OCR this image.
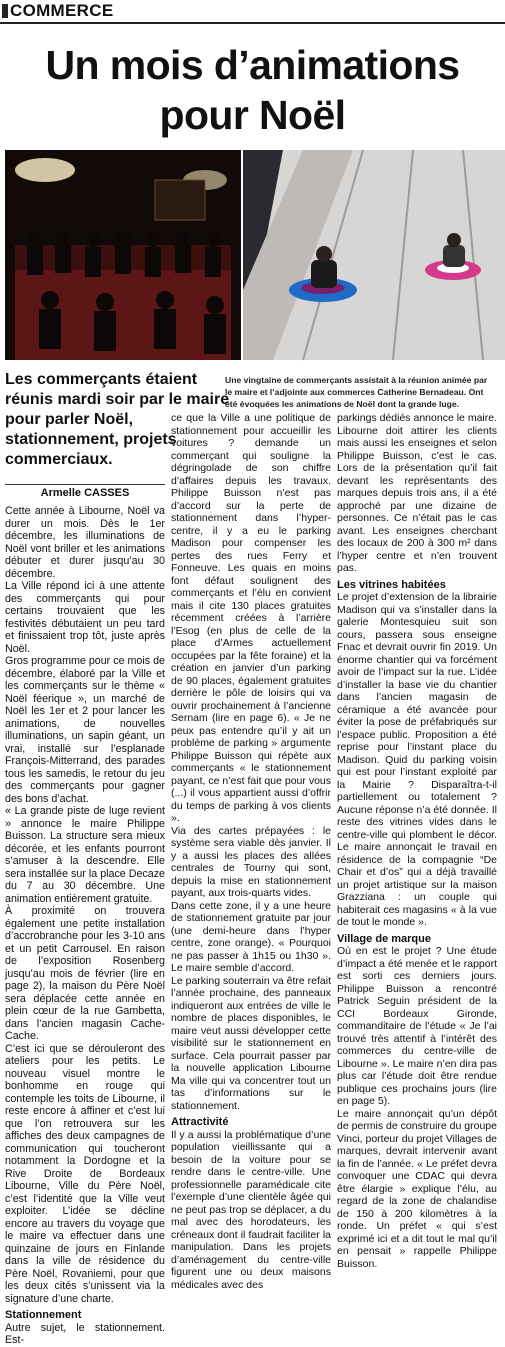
COMMERCE
Un mois d’animations
pour Noël
Les commerçants étaient réunis mardi soir par le maire pour parler Noël, stationnement, projets commerciaux.
Une vingtaine de commerçants assistait à la réunion animée par le maire et l’adjointe aux commerces Catherine Bernadeau. Ont été évoquées les animations de Noël dont la grande luge.
Armelle CASSES

Cette année à Libourne, Noël va durer un mois. Dès le 1er décembre, les illuminations de Noël vont briller et les animations débuter et durer jusqu’au 30 décembre.

La Ville répond ici à une attente des commerçants qui pour certains trouvaient que les festivités débutaient un peu tard et finissaient trop tôt, juste après Noël.

Gros programme pour ce mois de décembre, élaboré par la Ville et les commerçants sur le thème « Noël féerique », un marché de Noël les 1er et 2 pour lancer les animations, de nouvelles illuminations, un sapin géant, un vrai, installé sur l’esplanade François-Mitterrand, des parades tous les samedis, le retour du jeu des commerçants pour gagner des bons d’achat.

« La grande piste de luge revient » annonce le maire Philippe Buisson. La structure sera mieux décorée, et les enfants pourront s’amuser à la descendre. Elle sera installée sur la place Decaze du 7 au 30 décembre. Une animation entièrement gratuite.

À proximité on trouvera également une petite installation d’accrobranche pour les 3-10 ans et un petit Carrousel. En raison de l’exposition Rosenberg jusqu’au mois de février (lire en page 2), la maison du Père Noël sera déplacée cette année en plein cœur de la rue Gambetta, dans l’ancien magasin Cache-Cache.

C’est ici que se dérouleront des ateliers pour les petits. Le nouveau visuel montre le bonhomme en rouge qui contemple les toits de Libourne, il reste encore à affiner et c’est lui que l’on retrouvera sur les affiches des deux campagnes de communication qui toucheront notamment la Dordogne et la Rive Droite de Bordeaux Libourne, Ville du Père Noël, c’est l’identité que la Ville veut exploiter. L’idée se décline encore au travers du voyage que le maire va effectuer dans une quinzaine de jours en Finlande dans la ville de résidence du Père Noël, Rovaniemi, pour que les deux cités s’unissent via la signature d’une charte.

Stationnement

Autre sujet, le stationnement. Est-

ce que la Ville a une politique de stationnement pour accueillir les voitures ? demande un commerçant qui souligne la dégringolade de son chiffre d’affaires depuis les travaux. Philippe Buisson n’est pas d’accord sur la perte de stationnement dans l’hyper-centre, il y a eu le parking Madison pour compenser les pertes des rues Ferry et Fonneuve. Les quais en moins font défaut soulignent des commerçants et l’élu en convient mais il cite 130 places gratuites récemment créées à l’arrière l’Esog (en plus de celle de la place d’Armes actuellement occupées par la fête foraine) et la création en janvier d’un parking de 90 places, également gratuites derrière le pôle de loisirs qui va ouvrir prochainement à l’ancienne Sernam (lire en page 6). « Je ne peux pas entendre qu’il y ait un problème de parking » argumente Philippe Buisson qui répète aux commerçants « le stationnement payant, ce n’est fait que pour vous (...) il vous appartient aussi d’offrir du temps de parking à vos clients ».

Via des cartes prépayées : le système sera viable dès janvier. Il y a aussi les places des allées centrales de Tourny qui sont, depuis la mise en stationnement payant, aux trois-quarts vides.

Dans cette zone, il y a une heure de stationnement gratuite par jour (une demi-heure dans l’hyper centre, zone orange). « Pourquoi ne pas passer à 1h15 ou 1h30 ». Le maire semble d’accord.

Le parking souterrain va être refait l’année prochaine, des panneaux indiqueront aux entrées de ville le nombre de places disponibles, le maire veut aussi développer cette visibilité sur le stationnement en surface. Cela pourrait passer par la nouvelle application Libourne Ma ville qui va concentrer tout un tas d’informations sur le stationnement.

Attractivité

Il y a aussi la problématique d’une population vieillissante qui a besoin de la voiture pour se rendre dans le centre-ville. Une professionnelle paramédicale cite l’exemple d’une clientèle âgée qui ne peut pas trop se déplacer, a du mal avec des horodateurs, les créneaux dont il faudrait faciliter la manipulation. Dans les projets d’aménagement du centre-ville figurent une ou deux maisons médicales avec des

parkings dédiés annonce le maire. Libourne doit attirer les clients mais aussi les enseignes et selon Philippe Buisson, c’est le cas. Lors de la présentation qu’il fait devant les représentants des marques depuis trois ans, il a été approché par une dizaine de personnes. Ce n’était pas le cas avant. Les enseignes cherchant des locaux de 200 à 300 m² dans l’hyper centre et n’en trouvent pas.

Les vitrines habitées

Le projet d’extension de la librairie Madison qui va s’installer dans la galerie Montesquieu suit son cours, passera sous enseigne Fnac et devrait ouvrir fin 2019. Un énorme chantier qui va forcément avoir de l’impact sur la rue. L’idée d’installer la base vie du chantier dans l’ancien magasin de céramique a été avancée pour éviter la pose de préfabriqués sur l’espace public. Proposition a été reprise pour l’instant place du Madison. Quid du parking voisin qui est pour l’instant exploité par la Mairie ? Disparaîtra-t-il partiellement ou totalement ? Aucune réponse n’a été donnée. Il reste des vitrines vides dans le centre-ville qui plombent le décor. Le maire annonçait le travail en résidence de la compagnie “De Chair et d’os” qui a déjà travaillé un projet artistique sur la maison Grazziana : un couple qui habiterait ces magasins « à la vue de tout le monde ».

Village de marque

Où en est le projet ? Une étude d’impact a été menée et le rapport est sorti ces derniers jours. Philippe Buisson a rencontré Patrick Seguin président de la CCI Bordeaux Gironde, commanditaire de l’étude « Je l’ai trouvé très attentif à l’intérêt des commerces du centre-ville de Libourne ». Le maire n’en dira pas plus car l’étude doit être rendue publique ces prochains jours (lire en page 5).

Le maire annonçait qu’un dépôt de permis de construire du groupe Vinci, porteur du projet Villages de marques, devrait intervenir avant la fin de l’année. « Le préfet devra convoquer une CDAC qui devra être élargie » explique l’élu, au regard de la zone de chalandise de 150 à 200 kilomètres à la ronde. Un préfet « qui s’est exprimé ici et a dit tout le mal qu’il en pensait » rappelle Philippe Buisson.
